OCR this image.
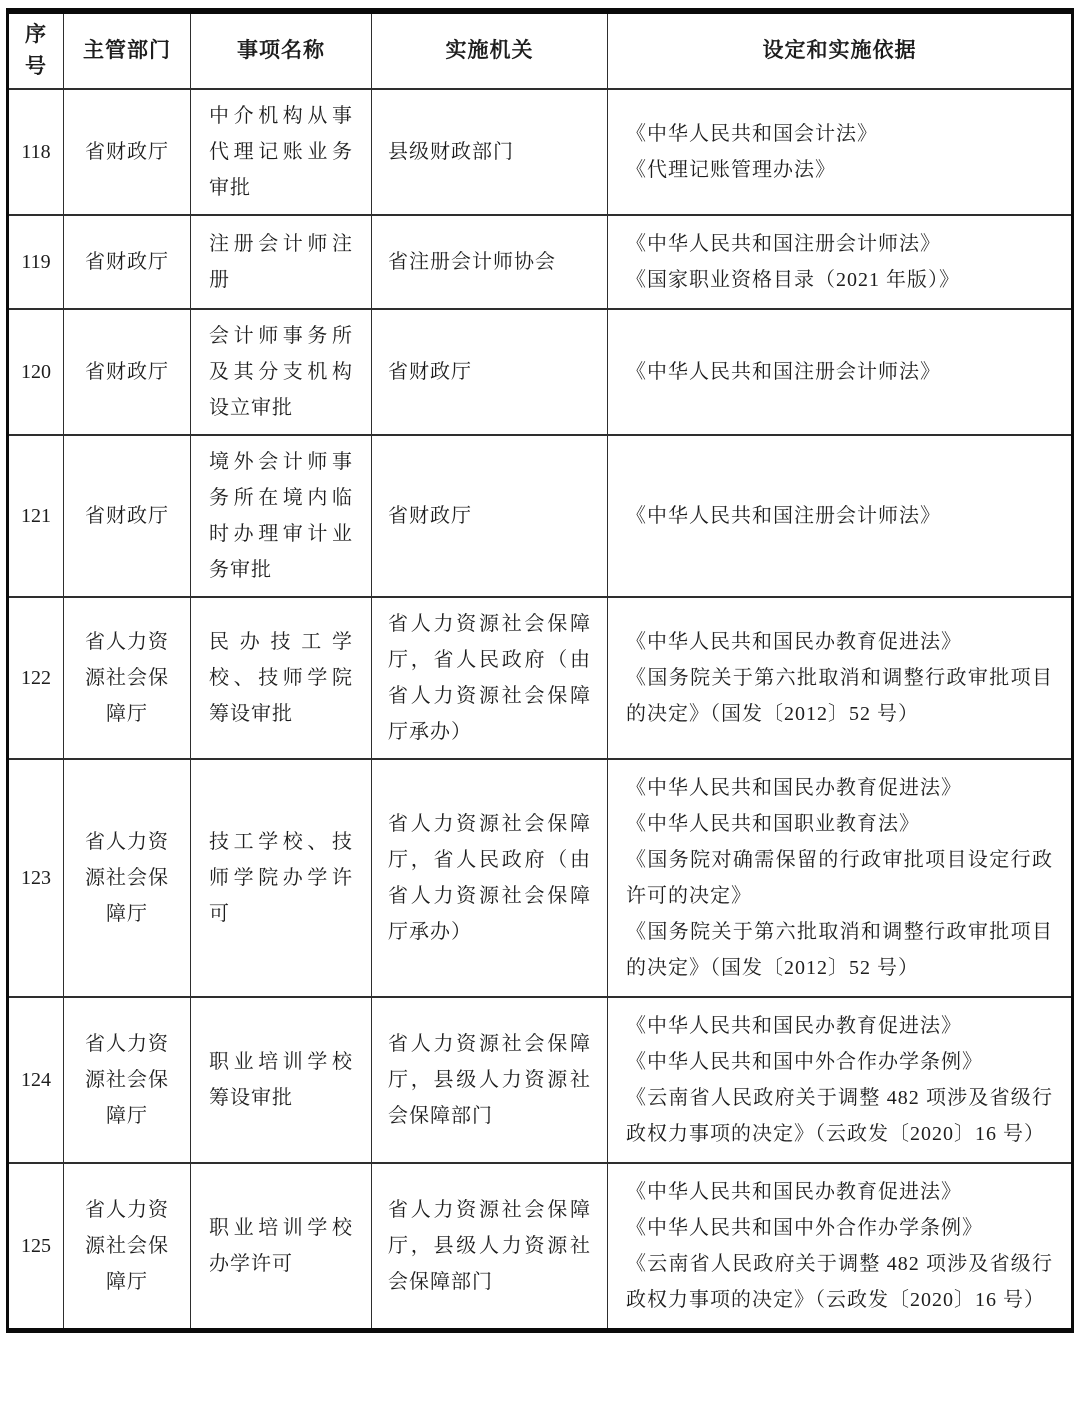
序号	主管部门	事项名称	实施机关	设定和实施依据
118	省财政厅	中介机构从事代理记账业务审批	县级财政部门	《中华人民共和国会计法》

《代理记账管理办法》

119	省财政厅	注册会计师注册	省注册会计师协会	《中华人民共和国注册会计师法》

《国家职业资格目录（2021 年版）》

120	省财政厅	会计师事务所及其分支机构设立审批	省财政厅	《中华人民共和国注册会计师法》

121	省财政厅	境外会计师事务所在境内临时办理审计业务审批	省财政厅	《中华人民共和国注册会计师法》

122	省人力资源社会保障厅	民办技工学校、技师学院筹设审批	省人力资源社会保障厅，省人民政府（由省人力资源社会保障厅承办）	《中华人民共和国民办教育促进法》

《国务院关于第六批取消和调整行政审批项目的决定》（国发〔2012〕52 号）

123	省人力资源社会保障厅	技工学校、技师学院办学许可	省人力资源社会保障厅，省人民政府（由省人力资源社会保障厅承办）	《中华人民共和国民办教育促进法》

《中华人民共和国职业教育法》

《国务院对确需保留的行政审批项目设定行政许可的决定》

《国务院关于第六批取消和调整行政审批项目的决定》（国发〔2012〕52 号）

124	省人力资源社会保障厅	职业培训学校筹设审批	省人力资源社会保障厅，县级人力资源社会保障部门	《中华人民共和国民办教育促进法》

《中华人民共和国中外合作办学条例》

《云南省人民政府关于调整 482 项涉及省级行政权力事项的决定》（云政发〔2020〕16 号）

125	省人力资源社会保障厅	职业培训学校办学许可	省人力资源社会保障厅，县级人力资源社会保障部门	《中华人民共和国民办教育促进法》

《中华人民共和国中外合作办学条例》

《云南省人民政府关于调整 482 项涉及省级行政权力事项的决定》（云政发〔2020〕16 号）
